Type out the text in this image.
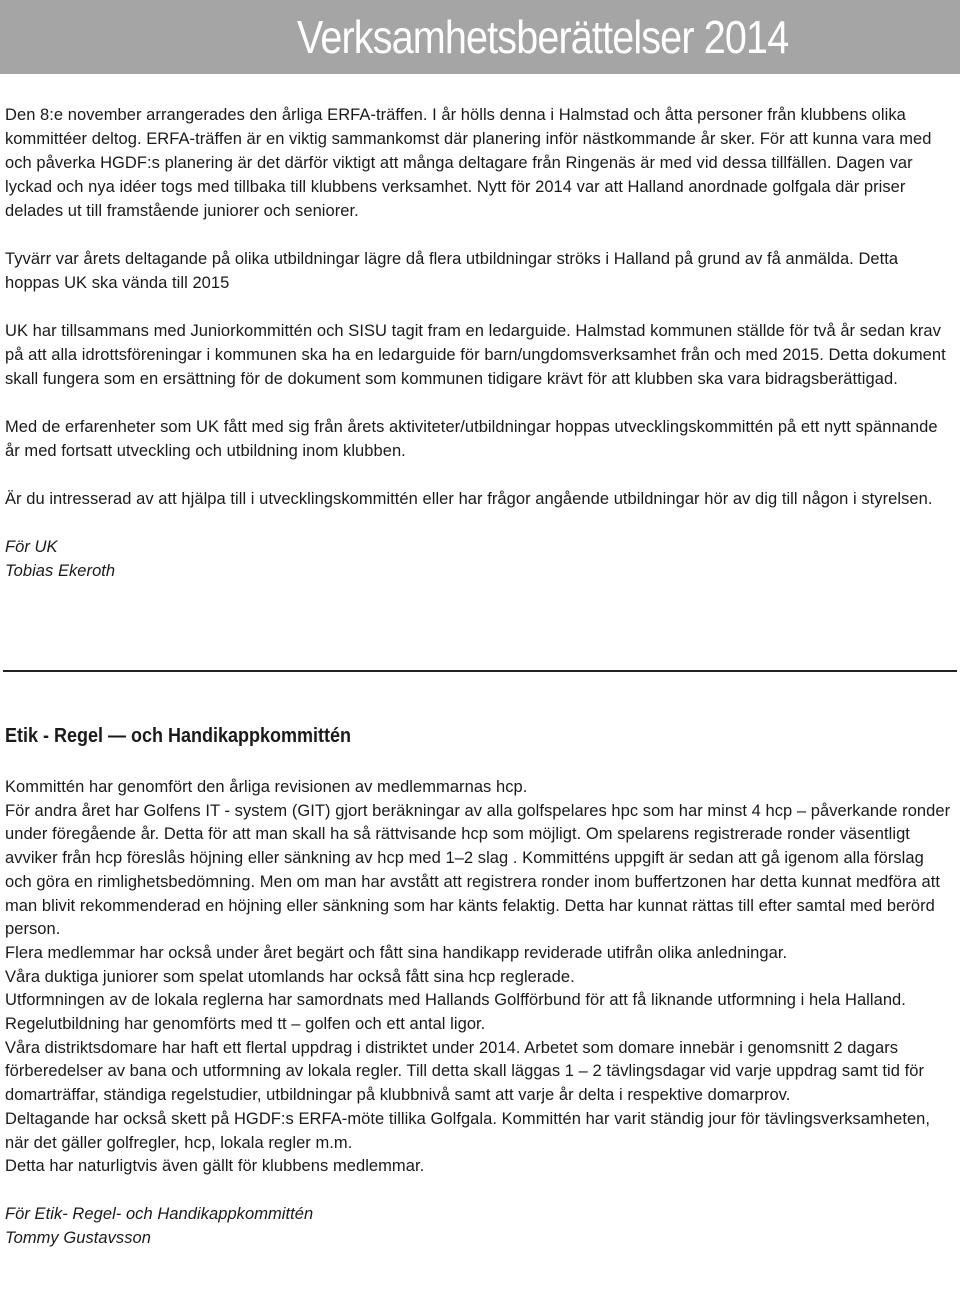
Verksamhetsberättelser 2014

Den 8:e november arrangerades den årliga ERFA-träffen. I år hölls denna i Halmstad och åtta personer från klubbens olika kommittéer deltog. ERFA-träffen är en viktig sammankomst där planering inför nästkommande år sker. För att kunna vara med och påverka HGDF:s planering är det därför viktigt att många deltagare från Ringenäs är med vid dessa tillfällen. Dagen var lyckad och nya idéer togs med tillbaka till klubbens verksamhet. Nytt för 2014 var att Halland anordnade golfgala där priser delades ut till framstående juniorer och seniorer.

Tyvärr var årets deltagande på olika utbildningar lägre då flera utbildningar ströks i Halland på grund av få anmälda. Detta hoppas UK ska vända till 2015

UK har tillsammans med Juniorkommittén och SISU tagit fram en ledarguide. Halmstad kommunen ställde för två år sedan krav på att alla idrottsföreningar i kommunen ska ha en ledarguide för barn/ungdomsverksamhet från och med 2015. Detta dokument skall fungera som en ersättning för de dokument som kommunen tidigare krävt för att klubben ska vara bidragsberättigad.

Med de erfarenheter som UK fått med sig från årets aktiviteter/utbildningar hoppas utvecklingskommittén på ett nytt spännande år med fortsatt utveckling och utbildning inom klubben.

Är du intresserad av att hjälpa till i utvecklingskommittén eller har frågor angående utbildningar hör av dig till någon i styrelsen.

För UK

Tobias Ekeroth

Etik - Regel — och Handikappkommittén

Kommittén har genomfört den årliga revisionen av medlemmarnas hcp.

För andra året har Golfens IT - system (GIT) gjort beräkningar av alla golfspelares hpc som har minst 4 hcp – påverkande ronder under föregående år. Detta för att man skall ha så rättvisande hcp som möjligt. Om spelarens registrerade ronder väsentligt avviker från hcp föreslås höjning eller sänkning av hcp med 1–2 slag . Kommitténs uppgift är sedan att gå igenom alla förslag och göra en rimlighetsbedömning. Men om man har avstått att registrera ronder inom buffertzonen har detta kunnat medföra att man blivit rekommenderad en höjning eller sänkning som har känts felaktig. Detta har kunnat rättas till efter samtal med berörd person.

Flera medlemmar har också under året begärt och fått sina handikapp reviderade utifrån olika anledningar.

Våra duktiga juniorer som spelat utomlands har också fått sina hcp reglerade.

Utformningen av de lokala reglerna har samordnats med Hallands Golfförbund för att få liknande utformning i hela Halland.

Regelutbildning har genomförts med tt – golfen och ett antal ligor.

Våra distriktsdomare har haft ett flertal uppdrag i distriktet under 2014. Arbetet som domare innebär i genomsnitt 2 dagars förberedelser av bana och utformning av lokala regler. Till detta skall läggas 1 – 2 tävlingsdagar vid varje uppdrag samt tid för domarträffar, ständiga regelstudier, utbildningar på klubbnivå samt att varje år delta i respektive domarprov.

Deltagande har också skett på HGDF:s ERFA-möte tillika Golfgala. Kommittén har varit ständig jour för tävlingsverksamheten, när det gäller golfregler, hcp, lokala regler m.m.

Detta har naturligtvis även gällt för klubbens medlemmar.

För Etik- Regel- och Handikappkommittén

Tommy Gustavsson
